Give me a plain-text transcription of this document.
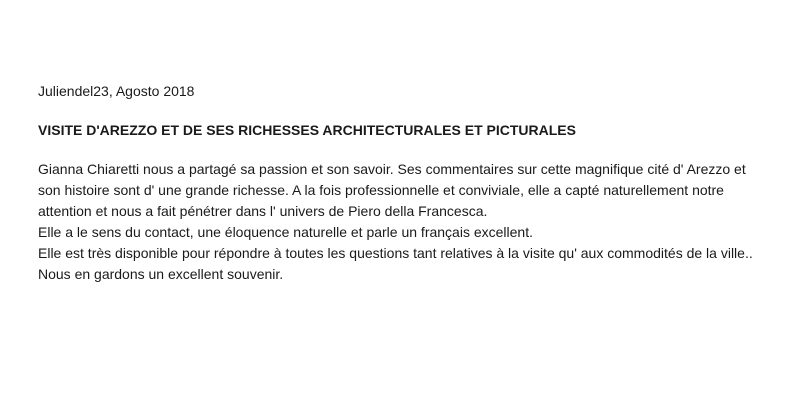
Juliendel23, Agosto 2018
VISITE D'AREZZO ET DE SES RICHESSES ARCHITECTURALES ET PICTURALES

Gianna Chiaretti nous a partagé sa passion et son savoir. Ses commentaires sur cette magnifique cité d' Arezzo et son histoire sont d' une grande richesse. A la fois professionnelle et conviviale, elle a capté naturellement notre attention et nous a fait pénétrer dans l' univers de Piero della Francesca.

Elle a le sens du contact, une éloquence naturelle et parle un français excellent.

Elle est très disponible pour répondre à toutes les questions tant relatives à la visite qu' aux commodités de la ville..

Nous en gardons un excellent souvenir.
